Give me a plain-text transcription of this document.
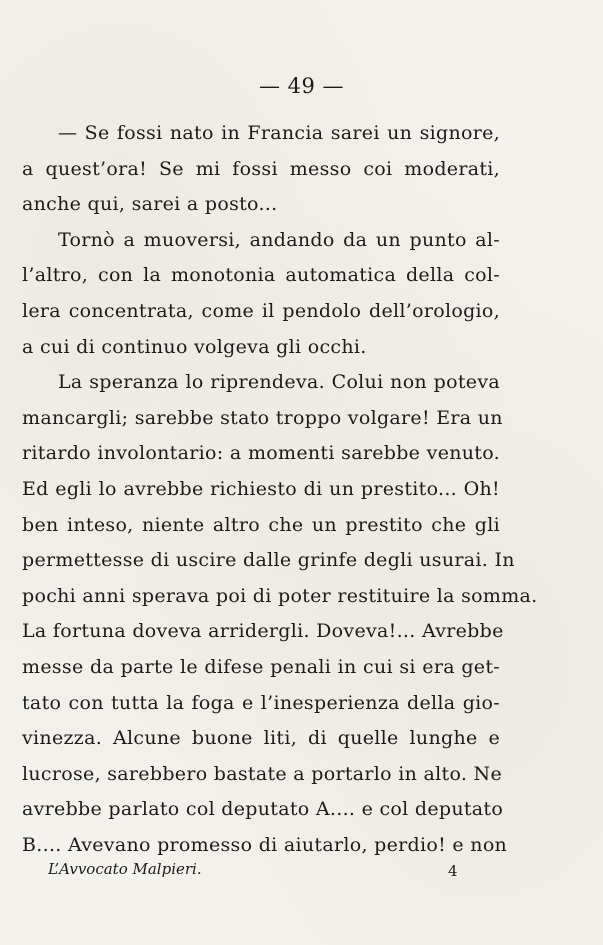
— 49 —
— Se fossi nato in Francia sarei un signore,
a quest’ora! Se mi fossi messo coi moderati,
anche qui, sarei a posto...
Tornò a muoversi, andando da un punto al-
l’altro, con la monotonia automatica della col-
lera concentrata, come il pendolo dell’orologio,
a cui di continuo volgeva gli occhi.
La speranza lo riprendeva. Colui non poteva
mancargli; sarebbe stato troppo volgare! Era un
ritardo involontario: a momenti sarebbe venuto.
Ed egli lo avrebbe richiesto di un prestito... Oh!
ben inteso, niente altro che un prestito che gli
permettesse di uscire dalle grinfe degli usurai. In
pochi anni sperava poi di poter restituire la somma.
La fortuna doveva arridergli. Doveva!... Avrebbe
messe da parte le difese penali in cui si era get-
tato con tutta la foga e l’inesperienza della gio-
vinezza. Alcune buone liti, di quelle lunghe e
lucrose, sarebbero bastate a portarlo in alto. Ne
avrebbe parlato col deputato A.... e col deputato
B.... Avevano promesso di aiutarlo, perdio! e non
L’Avvocato Malpieri.	4
